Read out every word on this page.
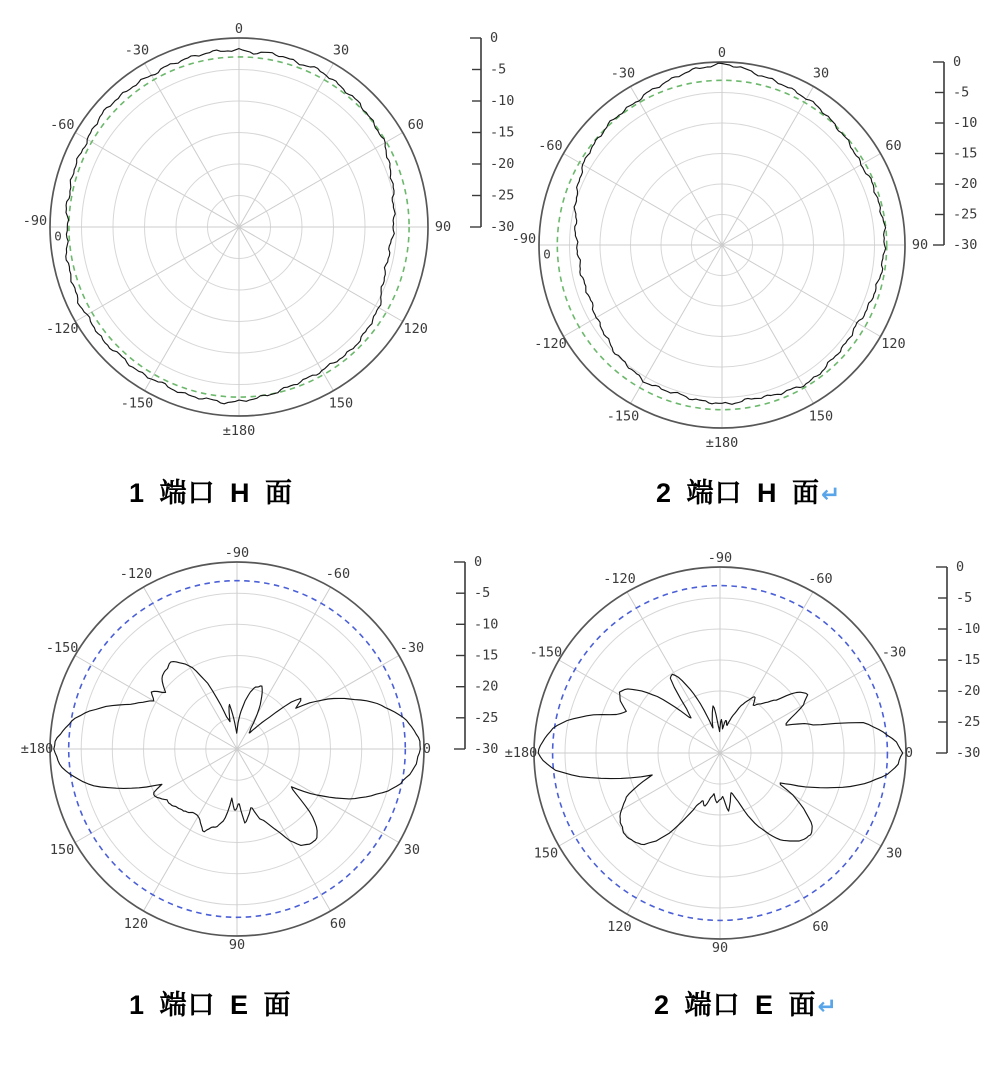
0
30
60
90
120
150
±180
-150
-120
-90
-60
-30
0
0
-5
-10
-15
-20
-25
-30
0
30
60
90
120
150
±180
-150
-120
-90
-60
-30
0
0
-5
-10
-15
-20
-25
-30
-90
-60
-30
0
30
60
90
120
150
±180
-150
-120
0
-5
-10
-15
-20
-25
-30
-90
-60
-30
0
30
60
90
120
150
±180
-150
-120
0
-5
-10
-15
-20
-25
-30
1 端口 H 面	2 端口 H 面↵
1 端口 E 面	2 端口 E 面↵
